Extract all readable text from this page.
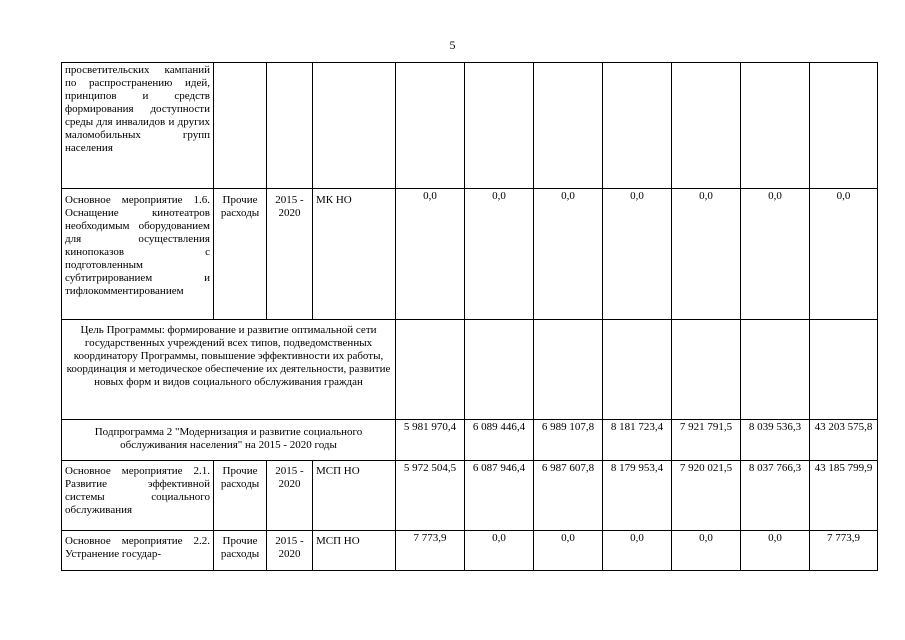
5
просветительских кампаний по распространению идей, принципов и средств формирования доступности среды для инвалидов и других маломобильных групп населения										
Основное мероприятие 1.6. Оснащение кинотеатров необходимым оборудованием для осуществления кинопоказов с подготовленным субтитрированием и тифлокомментированием	Прочие расходы	2015 - 2020	МК НО	0,0	0,0	0,0	0,0	0,0	0,0	0,0
Цель Программы: формирование и развитие оптимальной сети государственных учреждений всех типов, подведомственных координатору Программы, повышение эффективности их работы, координация и методическое обеспечение их деятельности, развитие новых форм и видов социального обслуживания граждан										
Подпрограмма 2 "Модернизация и развитие социального обслуживания населения" на 2015 - 2020 годы				5 981 970,4	6 089 446,4	6 989 107,8	8 181 723,4	7 921 791,5	8 039 536,3	43 203 575,8
Основное мероприятие 2.1. Развитие эффективной системы социального обслуживания	Прочие расходы	2015 - 2020	МСП НО	5 972 504,5	6 087 946,4	6 987 607,8	8 179 953,4	7 920 021,5	8 037 766,3	43 185 799,9
Основное мероприятие 2.2. Устранение государ-	Прочие расходы	2015 - 2020	МСП НО	7 773,9	0,0	0,0	0,0	0,0	0,0	7 773,9
